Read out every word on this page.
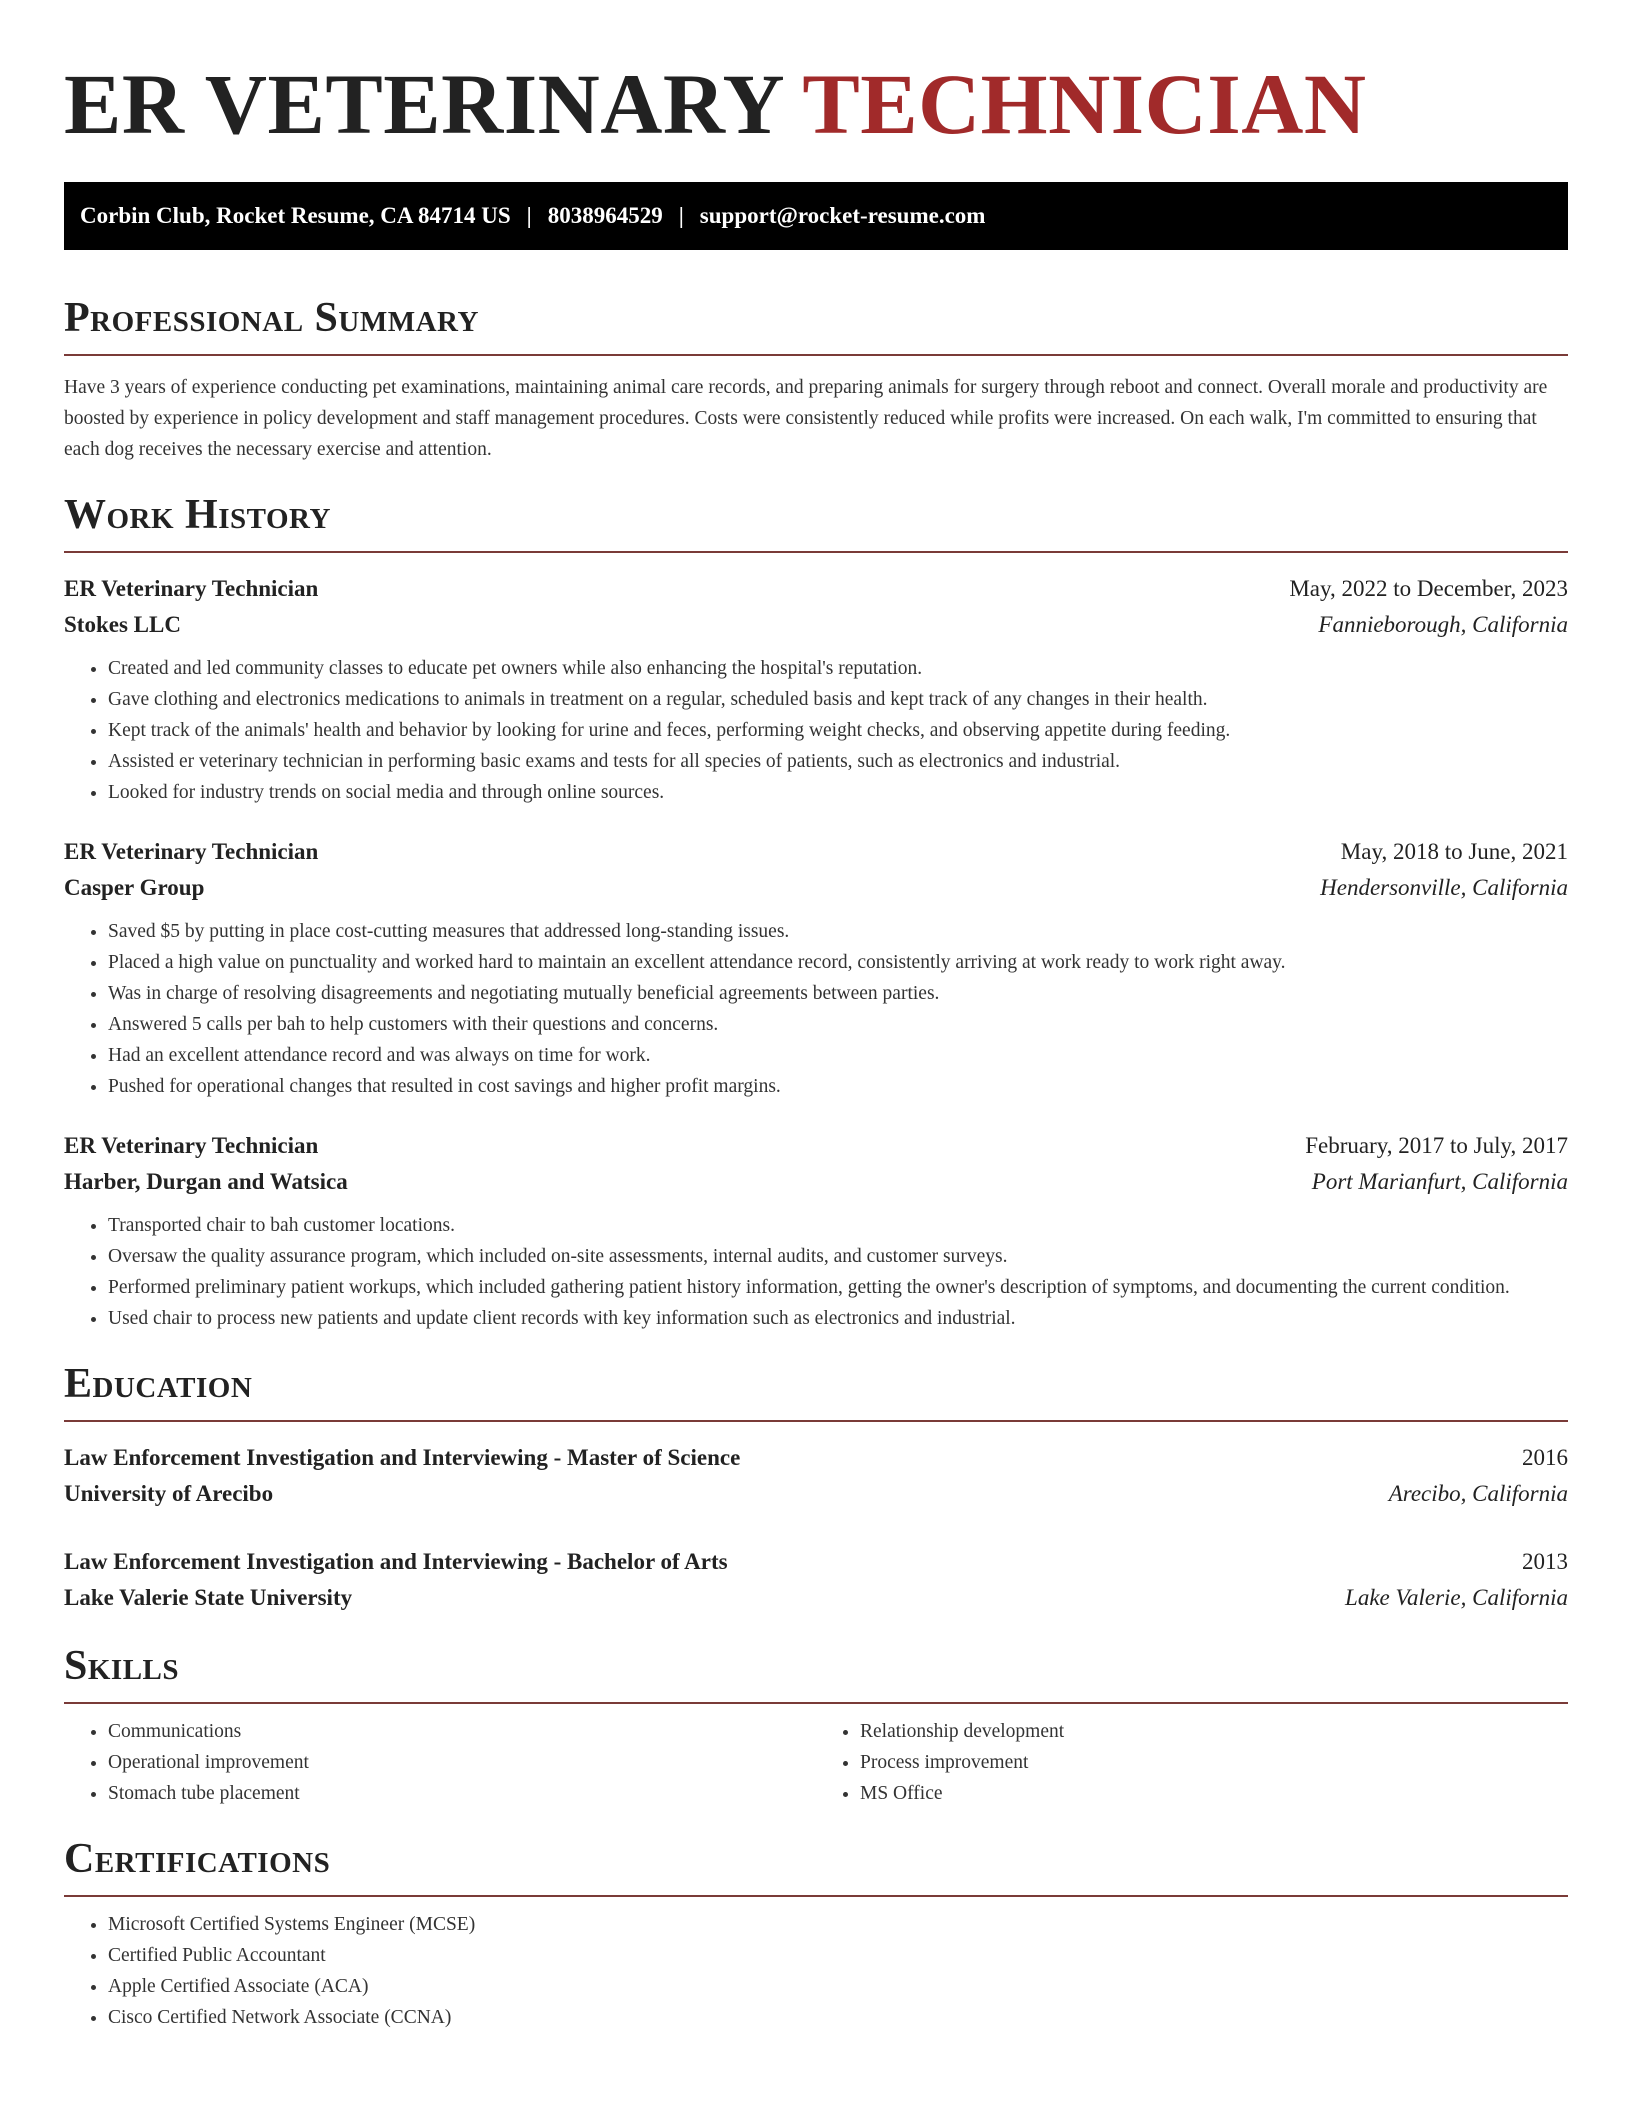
ER VETERINARY TECHNICIAN
Corbin Club, Rocket Resume, CA 84714 US | 8038964529 | support@rocket-resume.com
Professional Summary

Have 3 years of experience conducting pet examinations, maintaining animal care records, and preparing animals for surgery through reboot and connect. Overall morale and productivity are boosted by experience in policy development and staff management procedures. Costs were consistently reduced while profits were increased. On each walk, I'm committed to ensuring that each dog receives the necessary exercise and attention.

Work History
ER Veterinary Technician	May, 2022 to December, 2023
Stokes LLC	Fannieborough, California
• Created and led community classes to educate pet owners while also enhancing the hospital's reputation.
• Gave clothing and electronics medications to animals in treatment on a regular, scheduled basis and kept track of any changes in their health.
• Kept track of the animals' health and behavior by looking for urine and feces, performing weight checks, and observing appetite during feeding.
• Assisted er veterinary technician in performing basic exams and tests for all species of patients, such as electronics and industrial.
• Looked for industry trends on social media and through online sources.
ER Veterinary Technician	May, 2018 to June, 2021
Casper Group	Hendersonville, California
• Saved $5 by putting in place cost-cutting measures that addressed long-standing issues.
• Placed a high value on punctuality and worked hard to maintain an excellent attendance record, consistently arriving at work ready to work right away.
• Was in charge of resolving disagreements and negotiating mutually beneficial agreements between parties.
• Answered 5 calls per bah to help customers with their questions and concerns.
• Had an excellent attendance record and was always on time for work.
• Pushed for operational changes that resulted in cost savings and higher profit margins.
ER Veterinary Technician	February, 2017 to July, 2017
Harber, Durgan and Watsica	Port Marianfurt, California
• Transported chair to bah customer locations.
• Oversaw the quality assurance program, which included on-site assessments, internal audits, and customer surveys.
• Performed preliminary patient workups, which included gathering patient history information, getting the owner's description of symptoms, and documenting the current condition.
• Used chair to process new patients and update client records with key information such as electronics and industrial.
Education
Law Enforcement Investigation and Interviewing - Master of Science	2016
University of Arecibo	Arecibo, California
Law Enforcement Investigation and Interviewing - Bachelor of Arts	2013
Lake Valerie State University	Lake Valerie, California
Skills
• Communications
• Operational improvement
• Stomach tube placement
• Relationship development
• Process improvement
• MS Office
Certifications
• Microsoft Certified Systems Engineer (MCSE)
• Certified Public Accountant
• Apple Certified Associate (ACA)
• Cisco Certified Network Associate (CCNA)
